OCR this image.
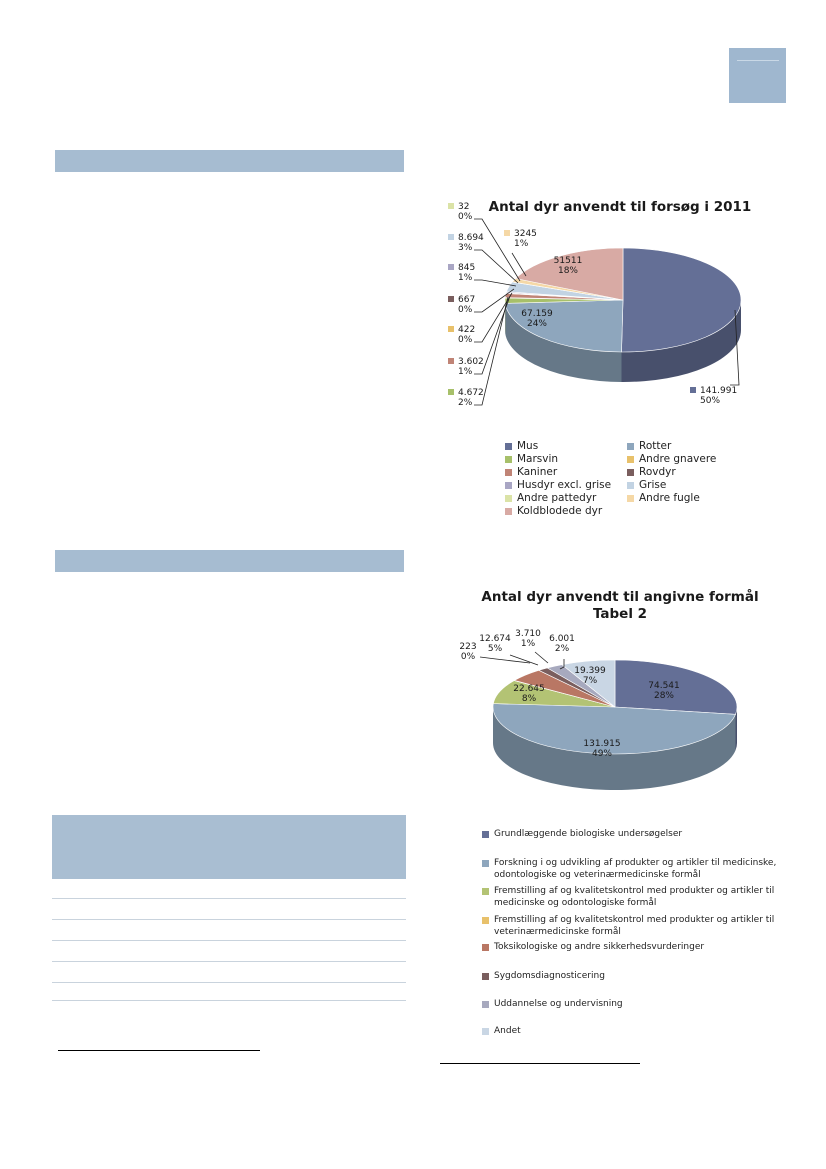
Antal dyr anvendt til forsøg i 2011
67.159 24%
51511 18%
32 0%
8.694 3%
845 1%
667 0%
422 0%
3.602 1%
4.672 2%
3245 1%
141.991 50%
Mus	Rotter
Marsvin	Andre gnavere
Kaniner	Rovdyr
Husdyr excl. grise	Grise
Andre pattedyr	Andre fugle
Koldblodede dyr
Antal dyr anvendt til angivne formål
Tabel 2
74.541 28%
131.915 49%
22.645 8%
19.399 7%
223 0%
12.674 5%
3.710 1%	6.001 2%
Grundlæggende biologiske undersøgelser
Forskning i og udvikling af produkter og artikler til medicinske, odontologiske og veterinærmedicinske formål
Fremstilling af og kvalitetskontrol med produkter og artikler til medicinske og odontologiske formål
Fremstilling af og kvalitetskontrol med produkter og artikler til veterinærmedicinske formål
Toksikologiske og andre sikkerhedsvurderinger
Sygdomsdiagnosticering
Uddannelse og undervisning
Andet
